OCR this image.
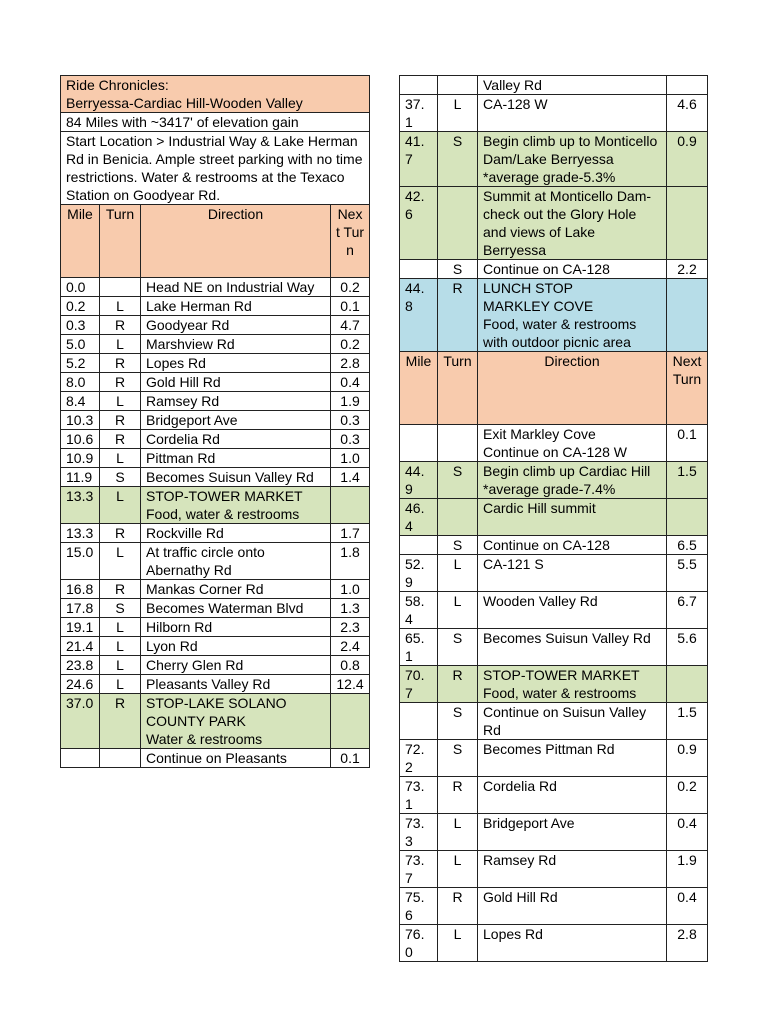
Ride Chronicles:
Berryessa-Cardiac Hill-Wooden Valley			
84 Miles with ~3417' of elevation gain			
Start Location > Industrial Way & Lake Herman Rd in Benicia. Ample street parking with no time restrictions. Water & restrooms at the Texaco Station on Goodyear Rd.			
Mile	Turn	Direction	Next Turn
0.0		Head NE on Industrial Way	0.2
0.2	L	Lake Herman Rd	0.1
0.3	R	Goodyear Rd	4.7
5.0	L	Marshview Rd	0.2
5.2	R	Lopes Rd	2.8
8.0	R	Gold Hill Rd	0.4
8.4	L	Ramsey Rd	1.9
10.3	R	Bridgeport Ave	0.3
10.6	R	Cordelia Rd	0.3
10.9	L	Pittman Rd	1.0
11.9	S	Becomes Suisun Valley Rd	1.4
13.3	L	STOP-TOWER MARKET
Food, water & restrooms	
13.3	R	Rockville Rd	1.7
15.0	L	At traffic circle onto Abernathy Rd	1.8
16.8	R	Mankas Corner Rd	1.0
17.8	S	Becomes Waterman Blvd	1.3
19.1	L	Hilborn Rd	2.3
21.4	L	Lyon Rd	2.4
23.8	L	Cherry Glen Rd	0.8
24.6	L	Pleasants Valley Rd	12.4
37.0	R	STOP-LAKE SOLANO COUNTY PARK
Water & restrooms	
		Continue on Pleasants	0.1
		Valley Rd	
37.1	L	CA-128 W	4.6
41.7	S	Begin climb up to Monticello Dam/Lake Berryessa
*average grade-5.3%	0.9
42.6		Summit at Monticello Dam-check out the Glory Hole and views of Lake Berryessa	
	S	Continue on CA-128	2.2
44.8	R	LUNCH STOP
MARKLEY COVE
Food, water & restrooms with outdoor picnic area	
Mile	Turn	Direction	Next Turn
		Exit Markley Cove
Continue on CA-128 W	0.1
44.9	S	Begin climb up Cardiac Hill
*average grade-7.4%	1.5
46.4		Cardic Hill summit	
	S	Continue on CA-128	6.5
52.9	L	CA-121 S	5.5
58.4	L	Wooden Valley Rd	6.7
65.1	S	Becomes Suisun Valley Rd	5.6
70.7	R	STOP-TOWER MARKET
Food, water & restrooms	
	S	Continue on Suisun Valley Rd	1.5
72.2	S	Becomes Pittman Rd	0.9
73.1	R	Cordelia Rd	0.2
73.3	L	Bridgeport Ave	0.4
73.7	L	Ramsey Rd	1.9
75.6	R	Gold Hill Rd	0.4
76.0	L	Lopes Rd	2.8
